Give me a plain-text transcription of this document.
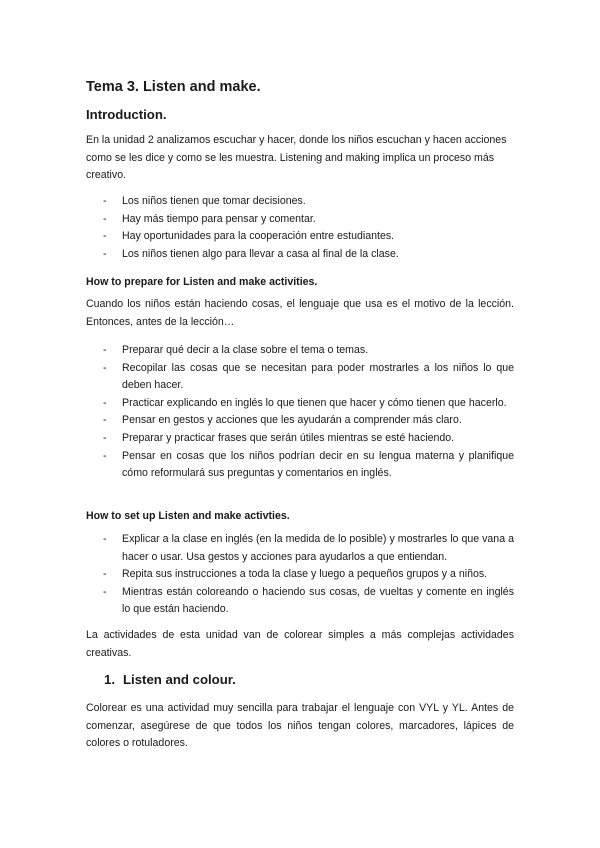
Tema 3. Listen and make.
Introduction.

En la unidad 2 analizamos escuchar y hacer, donde los niños escuchan y hacen acciones como se les dice y como se les muestra. Listening and making implica un proceso más creativo.

- Los niños tienen que tomar decisiones.
- Hay más tiempo para pensar y comentar.
- Hay oportunidades para la cooperación entre estudiantes.
- Los niños tienen algo para llevar a casa al final de la clase.
How to prepare for Listen and make activities.

Cuando los niños están haciendo cosas, el lenguaje que usa es el motivo de la lección. Entonces, antes de la lección…

- Preparar qué decir a la clase sobre el tema o temas.
- Recopilar las cosas que se necesitan para poder mostrarles a los niños lo que deben hacer.
- Practicar explicando en inglés lo que tienen que hacer y cómo tienen que hacerlo.
- Pensar en gestos y acciones que les ayudarán a comprender más claro.
- Preparar y practicar frases que serán útiles mientras se esté haciendo.
- Pensar en cosas que los niños podrían decir en su lengua materna y planifique cómo reformulará sus preguntas y comentarios en inglés.
How to set up Listen and make activties.
- Explicar a la clase en inglés (en la medida de lo posible) y mostrarles lo que vana a hacer o usar. Usa gestos y acciones para ayudarlos a que entiendan.
- Repita sus instrucciones a toda la clase y luego a pequeños grupos y a niños.
- Mientras están coloreando o haciendo sus cosas, de vueltas y comente en inglés lo que están haciendo.

La actividades de esta unidad van de colorear simples a más complejas actividades creativas.

1. Listen and colour.

Colorear es una actividad muy sencilla para trabajar el lenguaje con VYL y YL. Antes de comenzar, asegúrese de que todos los niños tengan colores, marcadores, lápices de colores o rotuladores.
